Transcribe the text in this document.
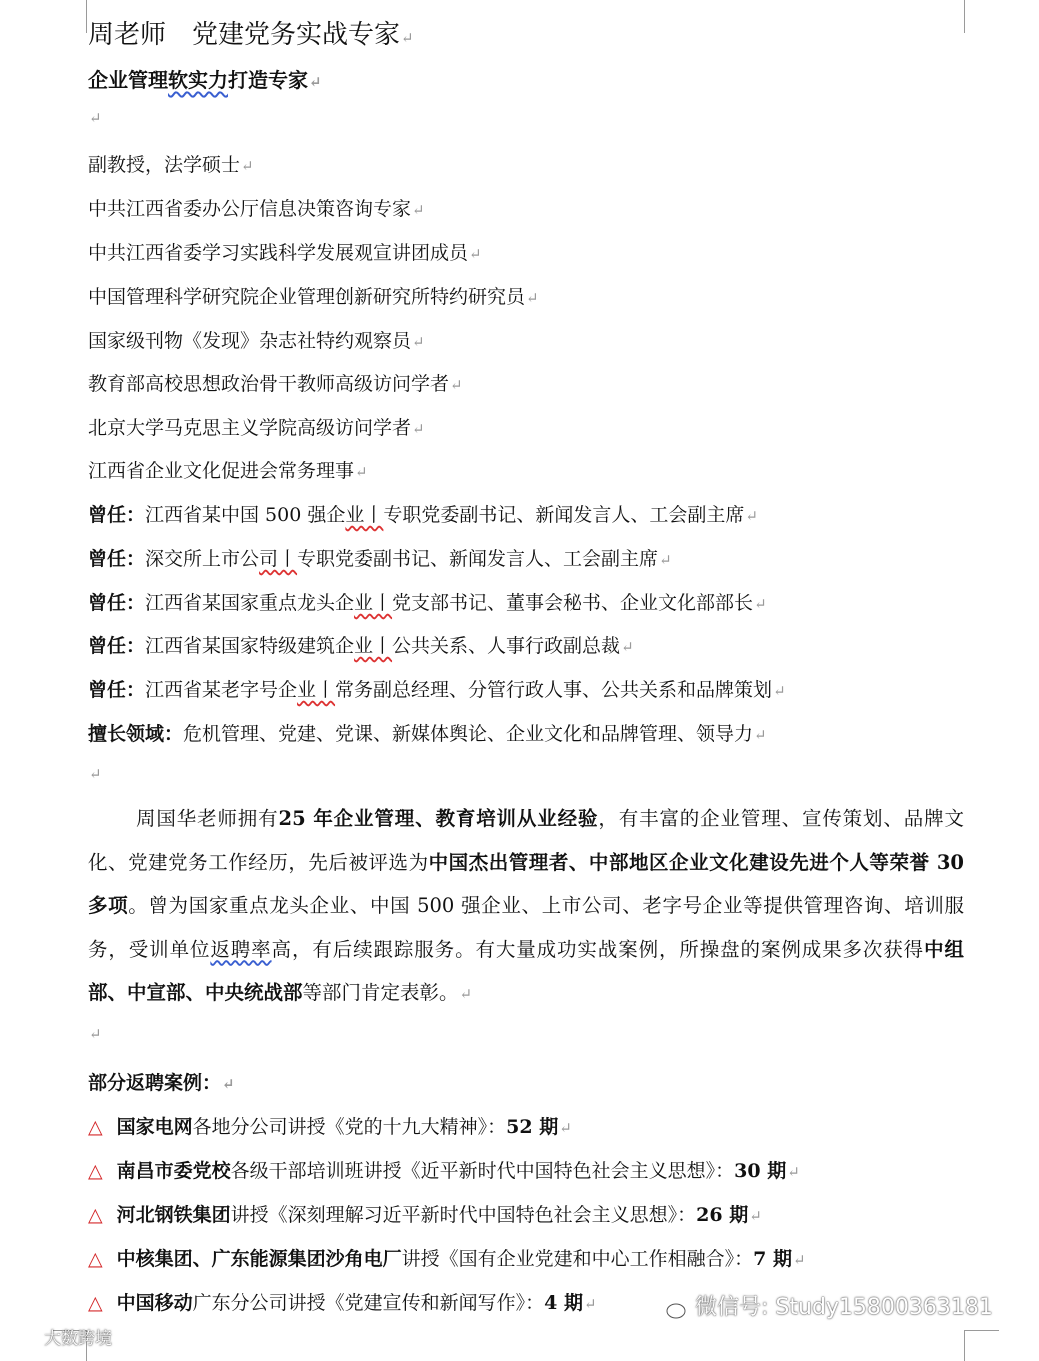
周老师　党建党务实战专家↵
企业管理软实力打造专家↵
↵
副教授，法学硕士↵
中共江西省委办公厅信息决策咨询专家↵
中共江西省委学习实践科学发展观宣讲团成员↵
中国管理科学研究院企业管理创新研究所特约研究员↵
国家级刊物《发现》杂志社特约观察员↵
教育部高校思想政治骨干教师高级访问学者↵
北京大学马克思主义学院高级访问学者↵
江西省企业文化促进会常务理事↵
曾任：江西省某中国 500 强企业丨专职党委副书记、新闻发言人、工会副主席↵
曾任：深交所上市公司丨专职党委副书记、新闻发言人、工会副主席↵
曾任：江西省某国家重点龙头企业丨党支部书记、董事会秘书、企业文化部部长↵
曾任：江西省某国家特级建筑企业丨公共关系、人事行政副总裁↵
曾任：江西省某老字号企业丨常务副总经理、分管行政人事、公共关系和品牌策划↵
擅长领域：危机管理、党建、党课、新媒体舆论、企业文化和品牌管理、领导力↵
↵
周国华老师拥有25 年企业管理、教育培训从业经验，有丰富的企业管理、宣传策划、品牌文化、党建党务工作经历，先后被评选为中国杰出管理者、中部地区企业文化建设先进个人等荣誉 30 多项。曾为国家重点龙头企业、中国 500 强企业、上市公司、老字号企业等提供管理咨询、培训服务，受训单位返聘率高，有后续跟踪服务。有大量成功实战案例，所操盘的案例成果多次获得中组部、中宣部、中央统战部等部门肯定表彰。↵
↵
部分返聘案例：↵
△ 国家电网各地分公司讲授《党的十九大精神》：52 期↵
△ 南昌市委党校各级干部培训班讲授《近平新时代中国特色社会主义思想》：30 期↵
△ 河北钢铁集团讲授《深刻理解习近平新时代中国特色社会主义思想》：26 期↵
△ 中核集团、广东能源集团沙角电厂讲授《国有企业党建和中心工作相融合》：7 期↵
△ 中国移动广东分公司讲授《党建宣传和新闻写作》：4 期↵	微信号: Study15800363181
大数跨境
